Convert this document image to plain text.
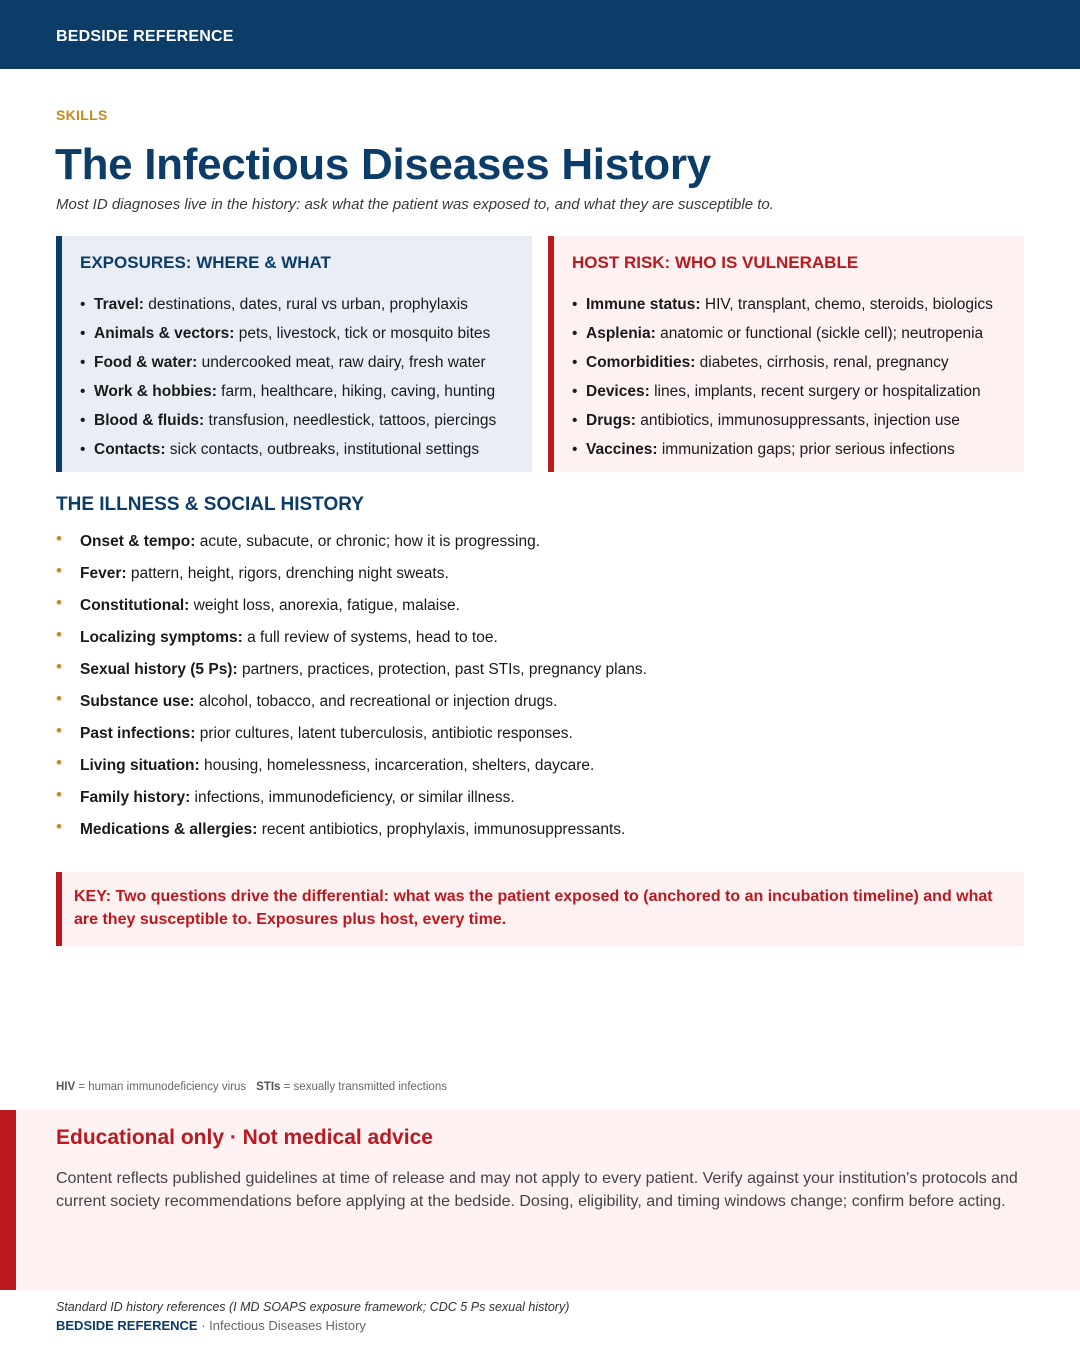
BEDSIDE REFERENCE
SKILLS
The Infectious Diseases History
Most ID diagnoses live in the history: ask what the patient was exposed to, and what they are susceptible to.
EXPOSURES: WHERE & WHAT
• Travel: destinations, dates, rural vs urban, prophylaxis
• Animals & vectors: pets, livestock, tick or mosquito bites
• Food & water: undercooked meat, raw dairy, fresh water
• Work & hobbies: farm, healthcare, hiking, caving, hunting
• Blood & fluids: transfusion, needlestick, tattoos, piercings
• Contacts: sick contacts, outbreaks, institutional settings
HOST RISK: WHO IS VULNERABLE
• Immune status: HIV, transplant, chemo, steroids, biologics
• Asplenia: anatomic or functional (sickle cell); neutropenia
• Comorbidities: diabetes, cirrhosis, renal, pregnancy
• Devices: lines, implants, recent surgery or hospitalization
• Drugs: antibiotics, immunosuppressants, injection use
• Vaccines: immunization gaps; prior serious infections
THE ILLNESS & SOCIAL HISTORY
• Onset & tempo: acute, subacute, or chronic; how it is progressing.
• Fever: pattern, height, rigors, drenching night sweats.
• Constitutional: weight loss, anorexia, fatigue, malaise.
• Localizing symptoms: a full review of systems, head to toe.
• Sexual history (5 Ps): partners, practices, protection, past STIs, pregnancy plans.
• Substance use: alcohol, tobacco, and recreational or injection drugs.
• Past infections: prior cultures, latent tuberculosis, antibiotic responses.
• Living situation: housing, homelessness, incarceration, shelters, daycare.
• Family history: infections, immunodeficiency, or similar illness.
• Medications & allergies: recent antibiotics, prophylaxis, immunosuppressants.
KEY: Two questions drive the differential: what was the patient exposed to (anchored to an incubation timeline) and what are they susceptible to. Exposures plus host, every time.
HIV = human immunodeficiency virus STIs = sexually transmitted infections
Educational only · Not medical advice
Content reflects published guidelines at time of release and may not apply to every patient. Verify against your institution's protocols and current society recommendations before applying at the bedside. Dosing, eligibility, and timing windows change; confirm before acting.
Standard ID history references (I MD SOAPS exposure framework; CDC 5 Ps sexual history)
BEDSIDE REFERENCE · Infectious Diseases History
